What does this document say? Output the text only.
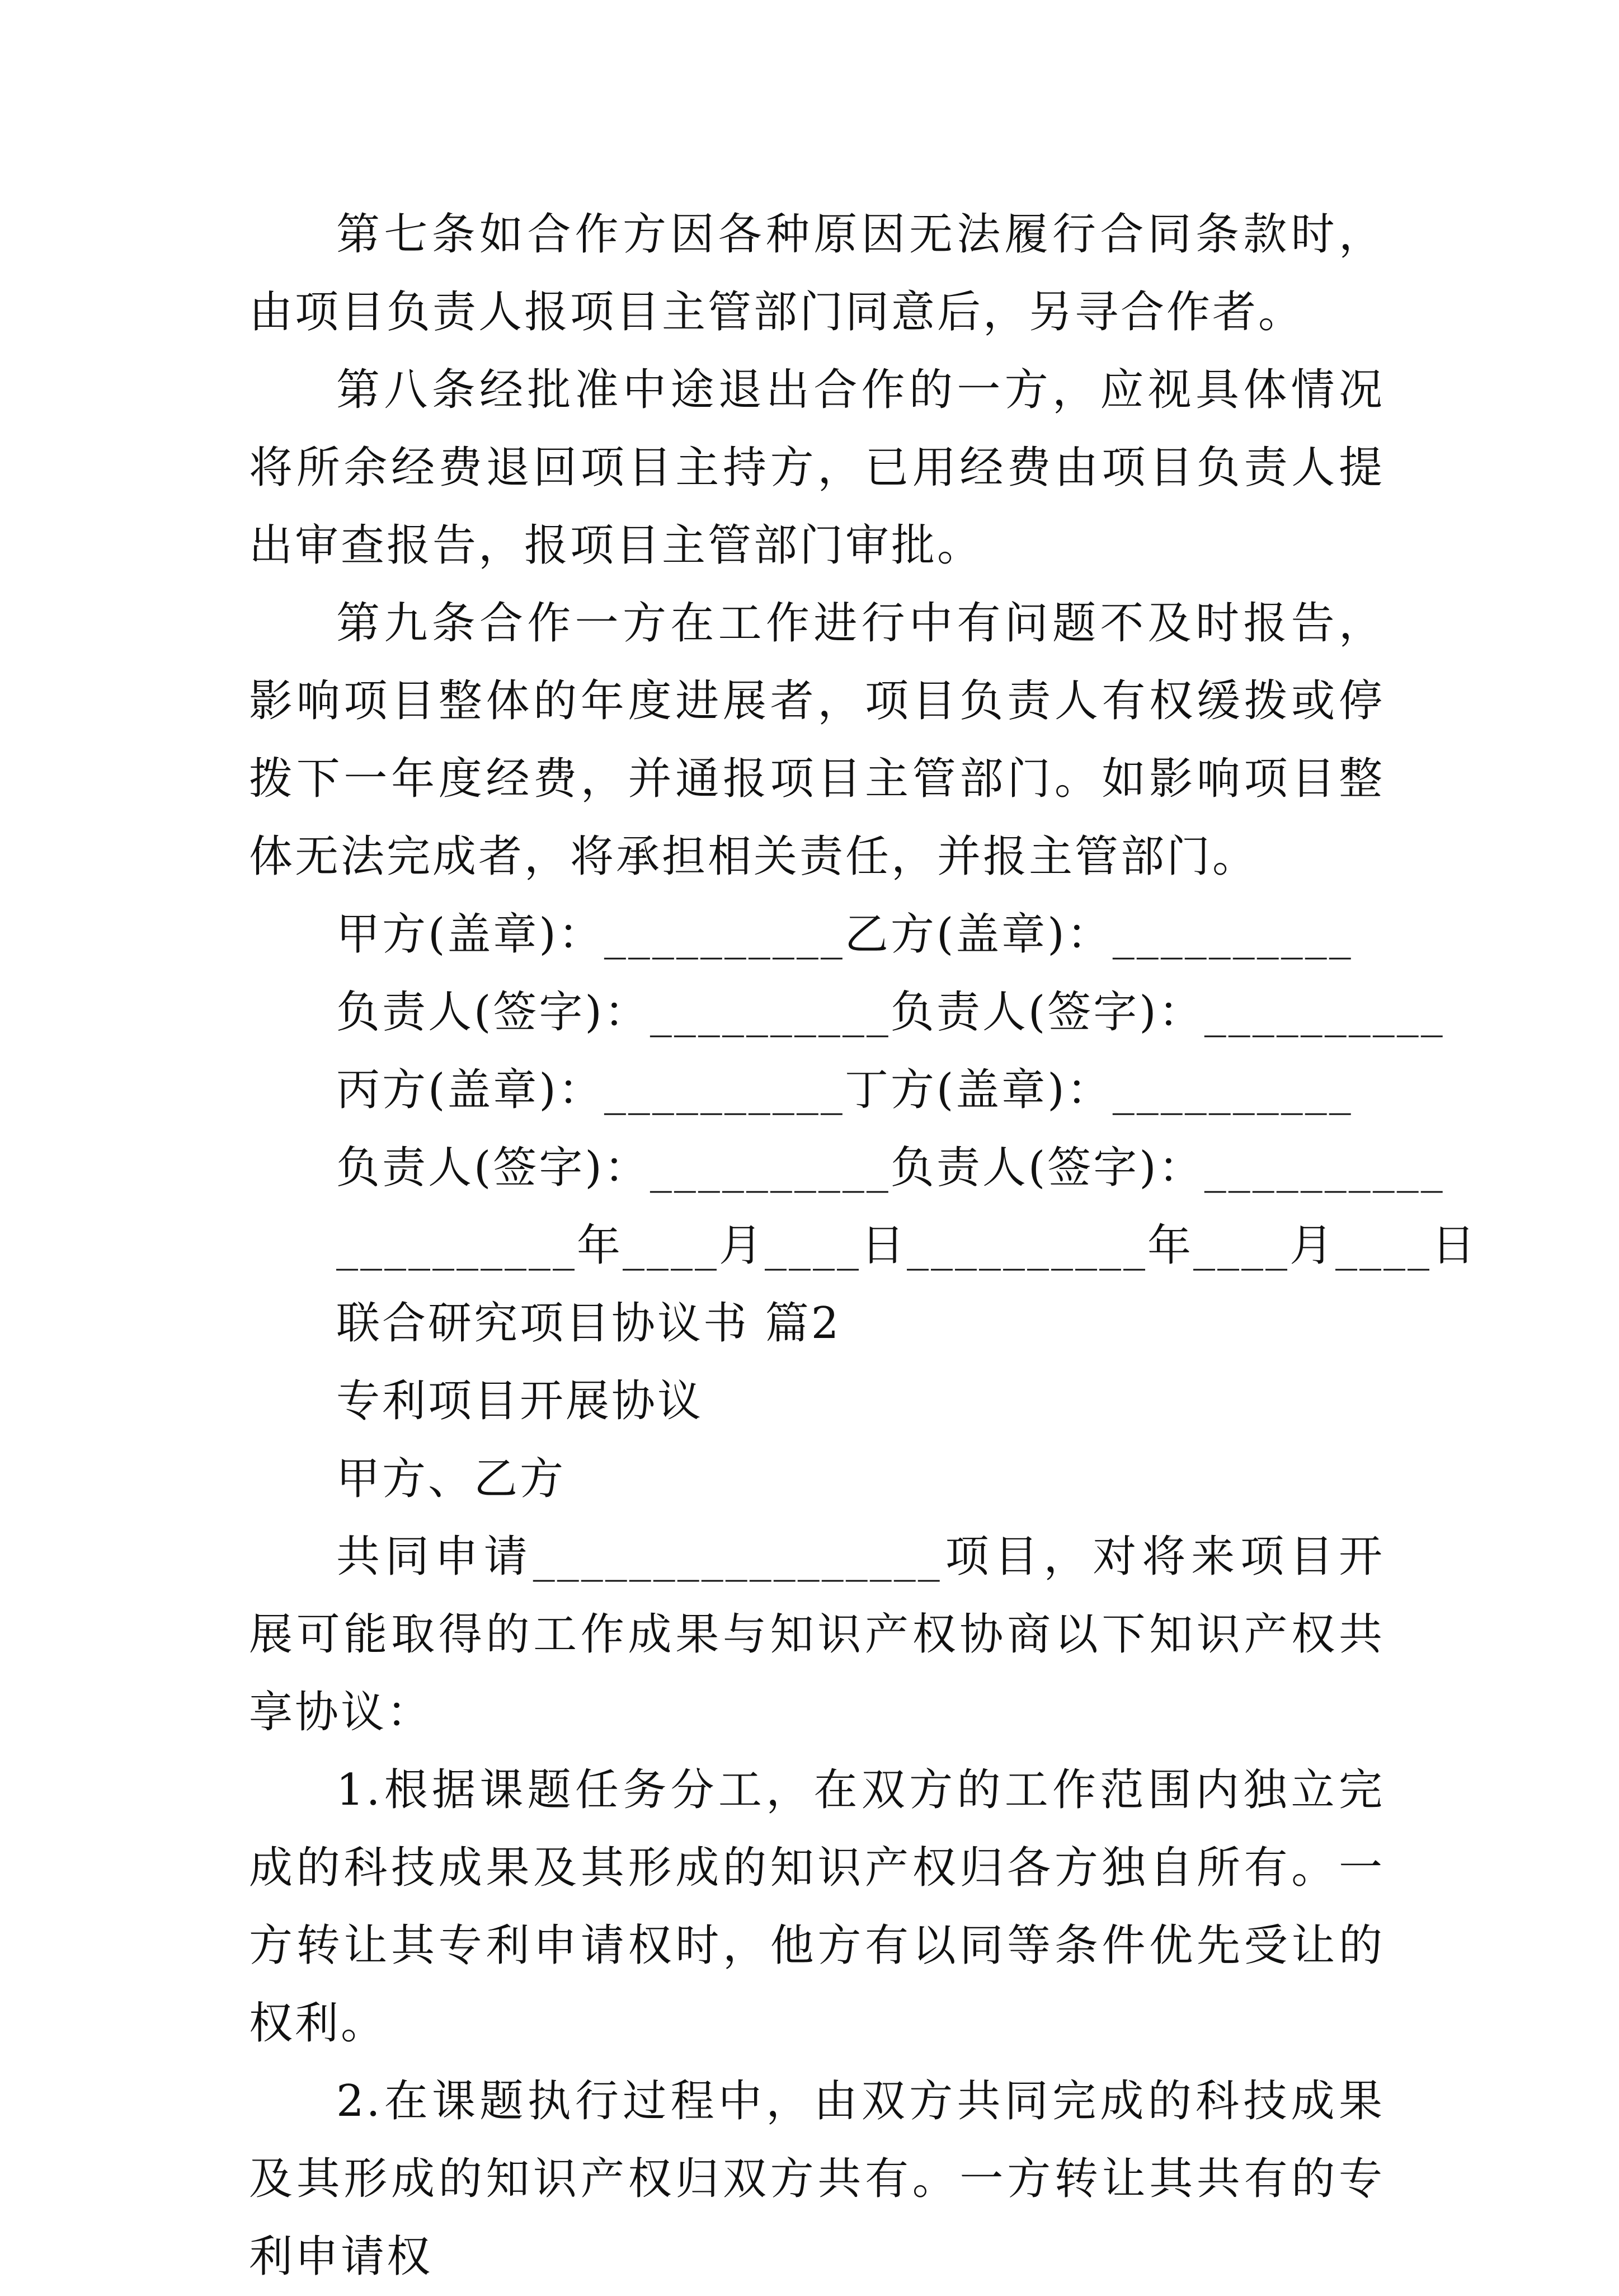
第七条如合作方因各种原因无法履行合同条款时，由项目负责人报项目主管部门同意后，另寻合作者。

第八条经批准中途退出合作的一方，应视具体情况将所余经费退回项目主持方，已用经费由项目负责人提出审查报告，报项目主管部门审批。

第九条合作一方在工作进行中有问题不及时报告，影响项目整体的年度进展者，项目负责人有权缓拨或停拨下一年度经费，并通报项目主管部门。如影响项目整体无法完成者，将承担相关责任，并报主管部门。

甲方(盖章)：__________乙方(盖章)：__________

负责人(签字)：__________负责人(签字)：__________

丙方(盖章)：__________丁方(盖章)：__________

负责人(签字)：__________负责人(签字)：__________

__________年____月____日__________年____月____日

联合研究项目协议书 篇2

专利项目开展协议

甲方、乙方

共同申请_________________项目，对将来项目开展可能取得的工作成果与知识产权协商以下知识产权共享协议：

1.根据课题任务分工，在双方的工作范围内独立完成的科技成果及其形成的知识产权归各方独自所有。一方转让其专利申请权时，他方有以同等条件优先受让的权利。

2.在课题执行过程中，由双方共同完成的科技成果及其形成的知识产权归双方共有。一方转让其共有的专利申请权
